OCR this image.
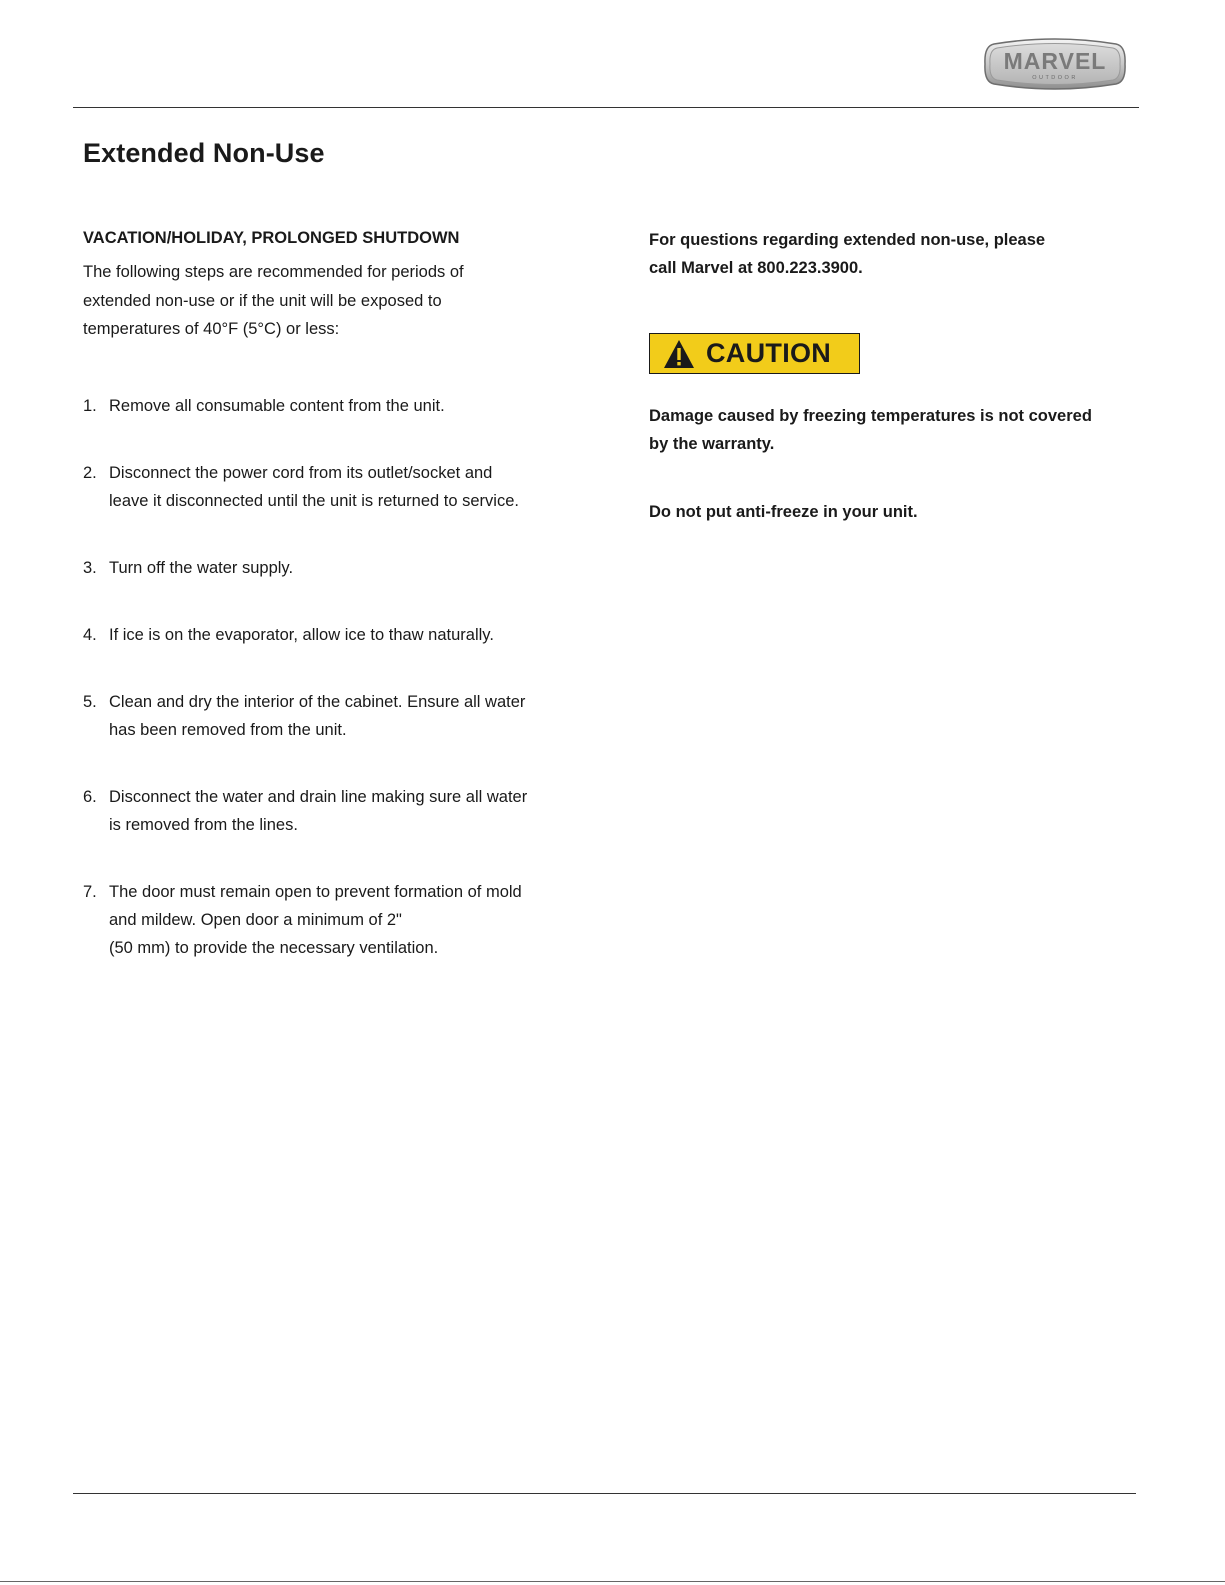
MARVEL
OUTDOOR
Extended Non-Use

VACATION/HOLIDAY, PROLONGED SHUTDOWN

The following steps are recommended for periods of
extended non-use or if the unit will be exposed to
temperatures of 40°F (5°C) or less:

1. Remove all consumable content from the unit.
2. Disconnect the power cord from its outlet/socket and
leave it disconnected until the unit is returned to service.
3. Turn off the water supply.
4. If ice is on the evaporator, allow ice to thaw naturally.
5. Clean and dry the interior of the cabinet. Ensure all water
has been removed from the unit.
6. Disconnect the water and drain line making sure all water
is removed from the lines.
7. The door must remain open to prevent formation of mold
and mildew. Open door a minimum of 2"
(50 mm) to provide the necessary ventilation.

For questions regarding extended non-use, please
call Marvel at 800.223.3900.

CAUTION

Damage caused by freezing temperatures is not covered
by the warranty.

Do not put anti-freeze in your unit.
